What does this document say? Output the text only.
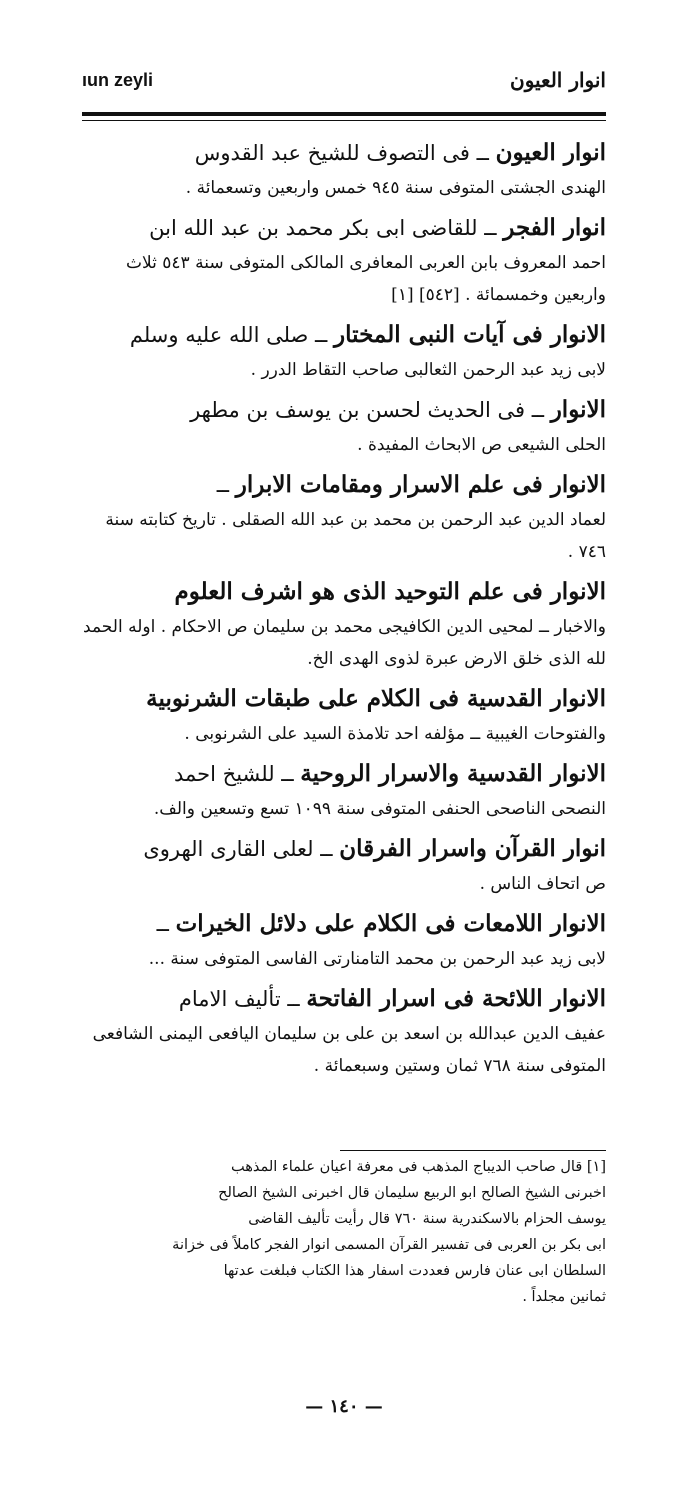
ıun zeyli	انوار العيون

انوار العيون ــ فى التصوف للشيخ عبد القدوس

الهندى الجشتى المتوفى سنة ٩٤٥ خمس واربعين وتسعمائة .

انوار الفجر ــ للقاضى ابى بكر محمد بن عبد الله ابن

احمد المعروف بابن العربى المعافرى المالكى المتوفى سنة ٥٤٣ ثلاث واربعين وخمسمائة . [٥٤٢] [١]

الانوار فى آيات النبى المختار ــ صلى الله عليه وسلم

لابى زيد عبد الرحمن الثعالبى صاحب التقاط الدرر .

الانوار ــ فى الحديث لحسن بن يوسف بن مطهر

الحلى الشيعى ص الابحاث المفيدة .

الانوار فى علم الاسرار ومقامات الابرار ــ

لعماد الدين عبد الرحمن بن محمد بن عبد الله الصقلى . تاريخ كتابته سنة ٧٤٦ .

الانوار فى علم التوحيد الذى هو اشرف العلوم

والاخبار ــ لمحيى الدين الكافيجى محمد بن سليمان ص الاحكام . اوله الحمد لله الذى خلق الارض عبرة لذوى الهدى الخ.

الانوار القدسية فى الكلام على طبقات الشرنوبية

والفتوحات الغيبية ــ مؤلفه احد تلامذة السيد على الشرنوبى .

الانوار القدسية والاسرار الروحية ــ للشيخ احمد

النصحى الناصحى الحنفى المتوفى سنة ١٠٩٩ تسع وتسعين والف.

انوار القرآن واسرار الفرقان ــ لعلى القارى الهروى

ص اتحاف الناس .

الانوار اللامعات فى الكلام على دلائل الخيرات ــ

لابى زيد عبد الرحمن بن محمد التامنارتى الفاسى المتوفى سنة ...

الانوار اللائحة فى اسرار الفاتحة ــ تأليف الامام

عفيف الدين عبدالله بن اسعد بن على بن سليمان اليافعى اليمنى الشافعى المتوفى سنة ٧٦٨ ثمان وستين وسبعمائة .

[١] قال صاحب الديباج المذهب فى معرفة اعيان علماء المذهب

اخبرنى الشيخ الصالح ابو الربيع سليمان قال اخبرنى الشيخ الصالح

يوسف الحزام بالاسكندرية سنة ٧٦٠ قال رأيت تأليف القاضى

ابى بكر بن العربى فى تفسير القرآن المسمى انوار الفجر كاملاً فى خزانة

السلطان ابى عنان فارس فعددت اسفار هذا الكتاب فبلغت عدتها

ثمانين مجلداً .

— ١٤٠ —
